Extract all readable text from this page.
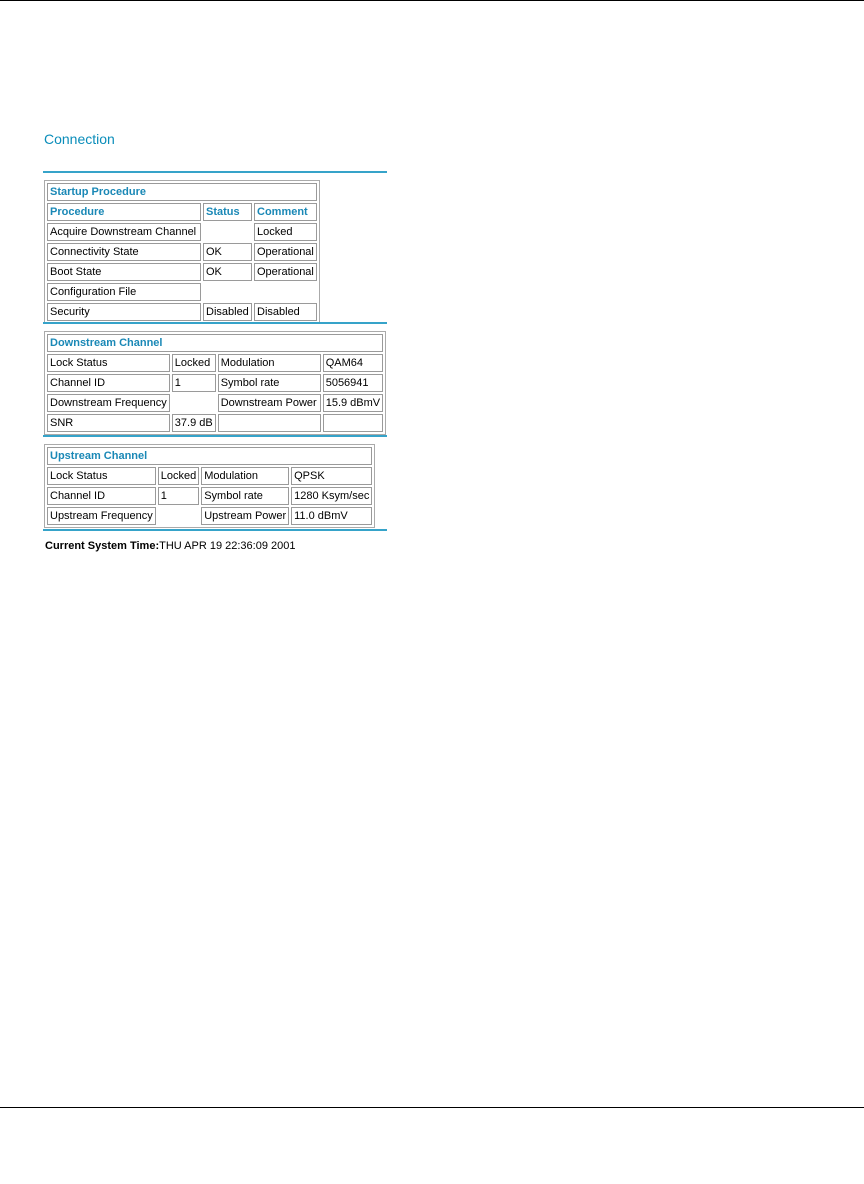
Connection
Startup Procedure		
Procedure	Status	Comment
Acquire Downstream Channel		Locked
Connectivity State	OK	Operational
Boot State	OK	Operational
Configuration File		
Security	Disabled	Disabled
Downstream Channel			
Lock Status	Locked	Modulation	QAM64
Channel ID	1	Symbol rate	5056941
Downstream Frequency		Downstream Power	15.9 dBmV
SNR	37.9 dB		
Upstream Channel			
Lock Status	Locked	Modulation	QPSK
Channel ID	1	Symbol rate	1280 Ksym/sec
Upstream Frequency		Upstream Power	11.0 dBmV
Current System Time:THU APR 19 22:36:09 2001
